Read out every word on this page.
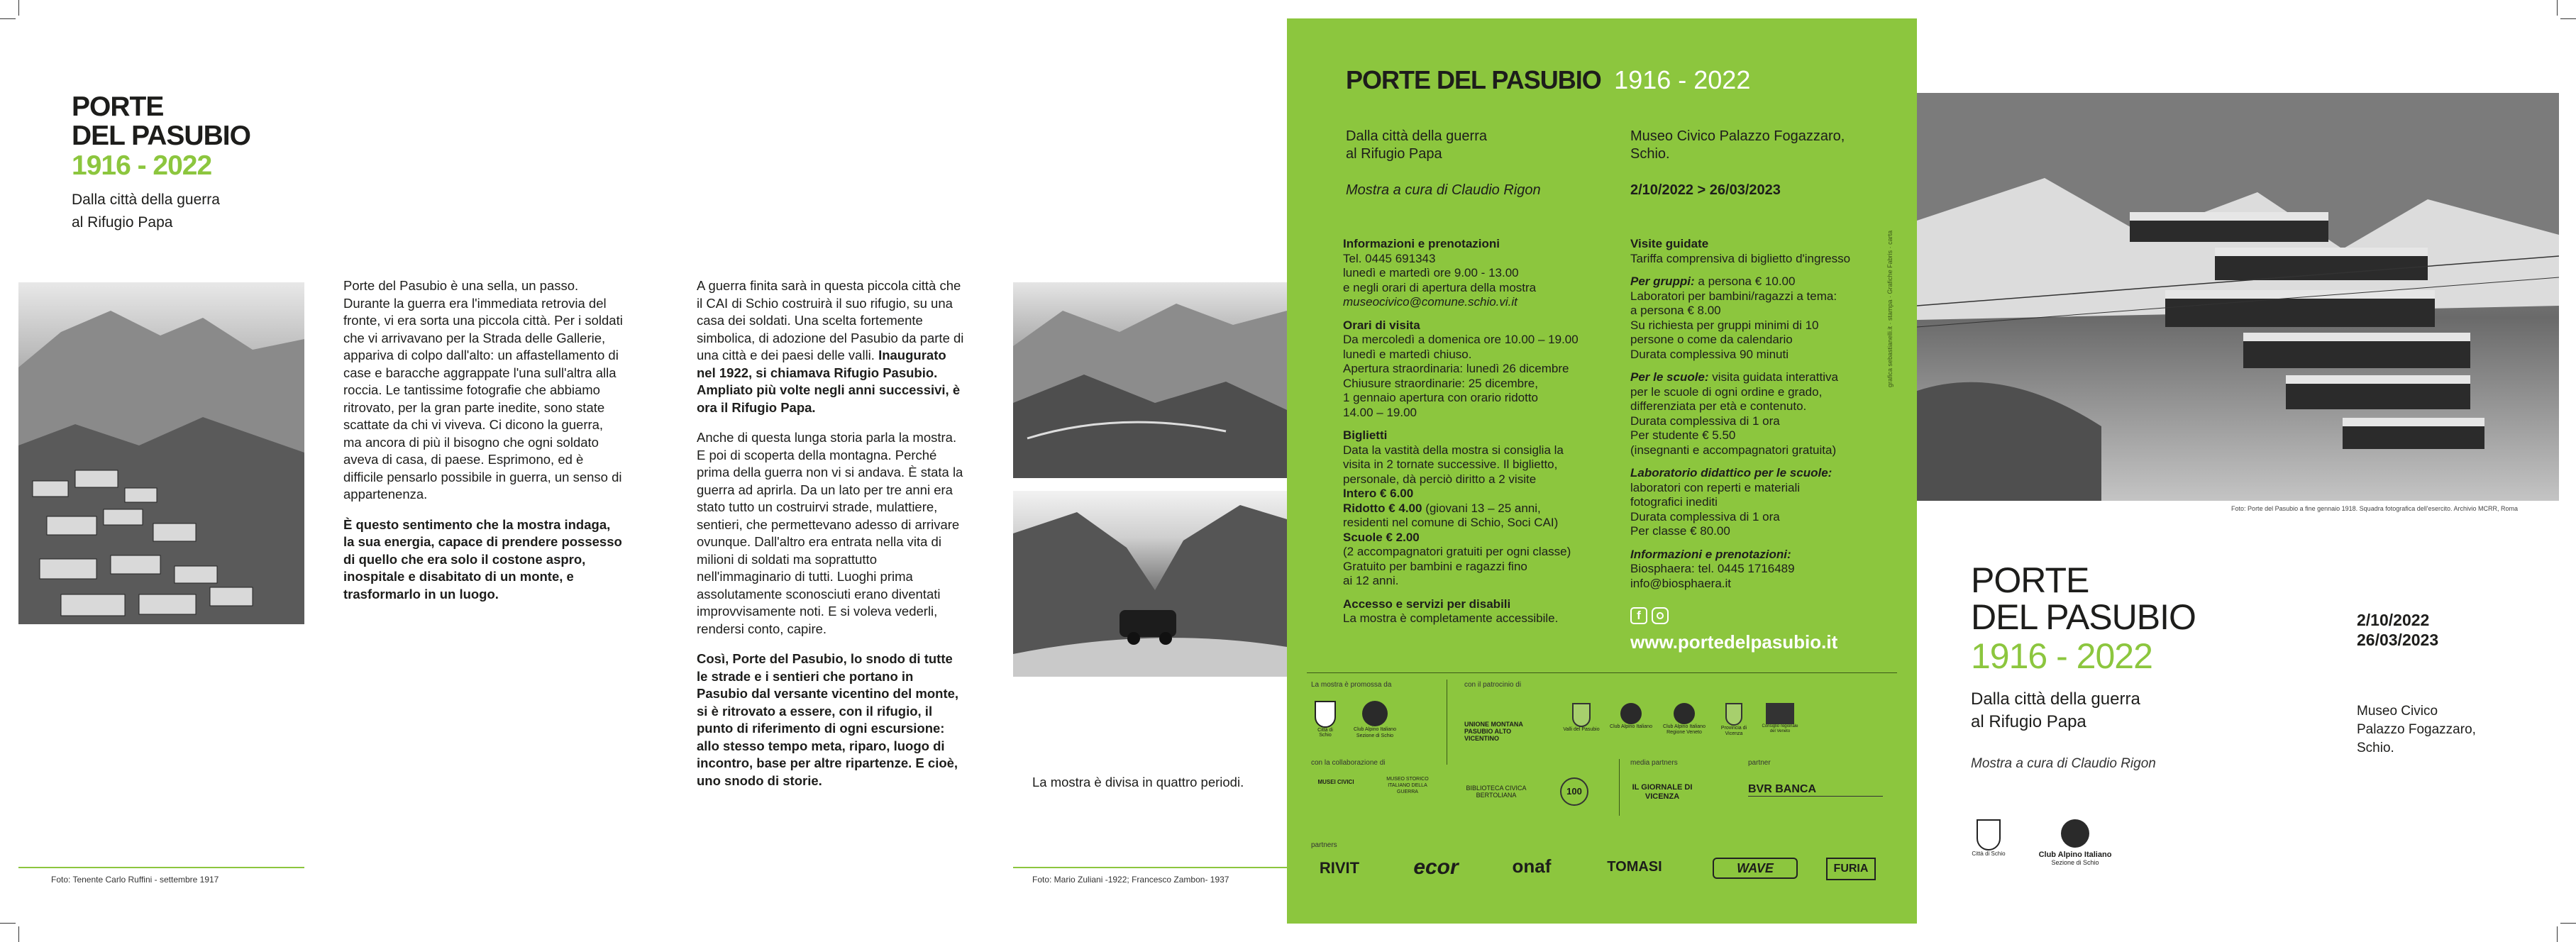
PORTE
DEL PASUBIO
1916 - 2022
Dalla città della guerra
al Rifugio Papa
Foto: Tenente Carlo Ruffini - settembre 1917

Porte del Pasubio è una sella, un passo. Durante la guerra era l'immediata retrovia del fronte, vi era sorta una piccola città. Per i soldati che vi arrivavano per la Strada delle Gallerie, appariva di colpo dall'alto: un affastellamento di case e baracche aggrappate l'una sull'altra alla roccia. Le tantissime fotografie che abbiamo ritrovato, per la gran parte inedite, sono state scattate da chi vi viveva. Ci dicono la guerra, ma ancora di più il bisogno che ogni soldato aveva di casa, di paese. Esprimono, ed è difficile pensarlo possibile in guerra, un senso di appartenenza.

È questo sentimento che la mostra indaga, la sua energia, capace di prendere possesso di quello che era solo il costone aspro, inospitale e disabitato di un monte, e trasformarlo in un luogo.

A guerra finita sarà in questa piccola città che il CAI di Schio costruirà il suo rifugio, su una casa dei soldati. Una scelta fortemente simbolica, di adozione del Pasubio da parte di una città e dei paesi delle valli. Inaugurato nel 1922, si chiamava Rifugio Pasubio. Ampliato più volte negli anni successivi, è ora il Rifugio Papa.

Anche di questa lunga storia parla la mostra. E poi di scoperta della montagna. Perché prima della guerra non vi si andava. È stata la guerra ad aprirla. Da un lato per tre anni era stato tutto un costruirvi strade, mulattiere, sentieri, che permettevano adesso di arrivare ovunque. Dall'altro era entrata nella vita di milioni di soldati ma soprattutto nell'immaginario di tutti. Luoghi prima assolutamente sconosciuti erano diventati improvvisamente noti. E si voleva vederli, rendersi conto, capire.

Così, Porte del Pasubio, lo snodo di tutte le strade e i sentieri che portano in Pasubio dal versante vicentino del monte, si è ritrovato a essere, con il rifugio, il punto di riferimento di ogni escursione: allo stesso tempo meta, riparo, luogo di incontro, base per altre ripartenze. E cioè, uno snodo di storie.	La mostra è divisa in quattro periodi.
Foto: Mario Zuliani -1922; Francesco Zambon- 1937
PORTE DEL PASUBIO 1916 - 2022
Dalla città della guerra
al Rifugio Papa
Mostra a cura di Claudio Rigon
Museo Civico Palazzo Fogazzaro,
Schio.
2/10/2022 > 26/03/2023

Informazioni e prenotazioni
Tel. 0445 691343
lunedì e martedì ore 9.00 - 13.00
e negli orari di apertura della mostra
museocivico@comune.schio.vi.it

Orari di visita
Da mercoledì a domenica ore 10.00 – 19.00
lunedì e martedì chiuso.
Apertura straordinaria: lunedì 26 dicembre
Chiusure straordinarie: 25 dicembre,
1 gennaio apertura con orario ridotto
14.00 – 19.00

Biglietti
Data la vastità della mostra si consiglia la
visita in 2 tornate successive. Il biglietto,
personale, dà perciò diritto a 2 visite
Intero € 6.00
Ridotto € 4.00 (giovani 13 – 25 anni,
residenti nel comune di Schio, Soci CAI)
Scuole € 2.00
(2 accompagnatori gratuiti per ogni classe)
Gratuito per bambini e ragazzi fino
ai 12 anni.

Accesso e servizi per disabili
La mostra è completamente accessibile.

Visite guidate
Tariffa comprensiva di biglietto d'ingresso

Per gruppi: a persona € 10.00
Laboratori per bambini/ragazzi a tema:
a persona € 8.00
Su richiesta per gruppi minimi di 10
persone o come da calendario
Durata complessiva 90 minuti

Per le scuole: visita guidata interattiva
per le scuole di ogni ordine e grado,
differenziata per età e contenuto.
Durata complessiva di 1 ora
Per studente € 5.50
(insegnanti e accompagnatori gratuita)

Laboratorio didattico per le scuole:
laboratori con reperti e materiali
fotografici inediti
Durata complessiva di 1 ora
Per classe € 80.00

Informazioni e prenotazioni:
Biosphaera: tel. 0445 1716489
info@biosphaera.it

f
www.portedelpasubio.it
grafica sebastianelli.it · stampa · Grafiche Fabris · carta
La mostra è promossa da
Città di Schio
Club Alpino Italiano Sezione di Schio
con il patrocinio di
UNIONE MONTANA PASUBIO ALTO VICENTINO
Valli del Pasubio
Club Alpino Italiano	Club Alpino Italiano Regione Veneto
Provincia di Vicenza
Consiglio regionale del Veneto
con la collaborazione di
MUSEI CIVICI	MUSEO STORICO ITALIANO DELLA GUERRA
BIBLIOTECA CIVICA BERTOLIANA	100
media partners
IL GIORNALE DI VICENZA
partner
BVR BANCA
partners
RIVIT	ecor	onaf	TOMASI	WAVE	FURIA
Foto: Porte del Pasubio a fine gennaio 1918. Squadra fotografica dell'esercito. Archivio MCRR, Roma
PORTE
DEL PASUBIO
1916 - 2022
Dalla città della guerra
al Rifugio Papa
Mostra a cura di Claudio Rigon
2/10/2022
26/03/2023
Museo Civico
Palazzo Fogazzaro,
Schio.
Città di Schio	Club Alpino Italiano
Sezione di Schio
